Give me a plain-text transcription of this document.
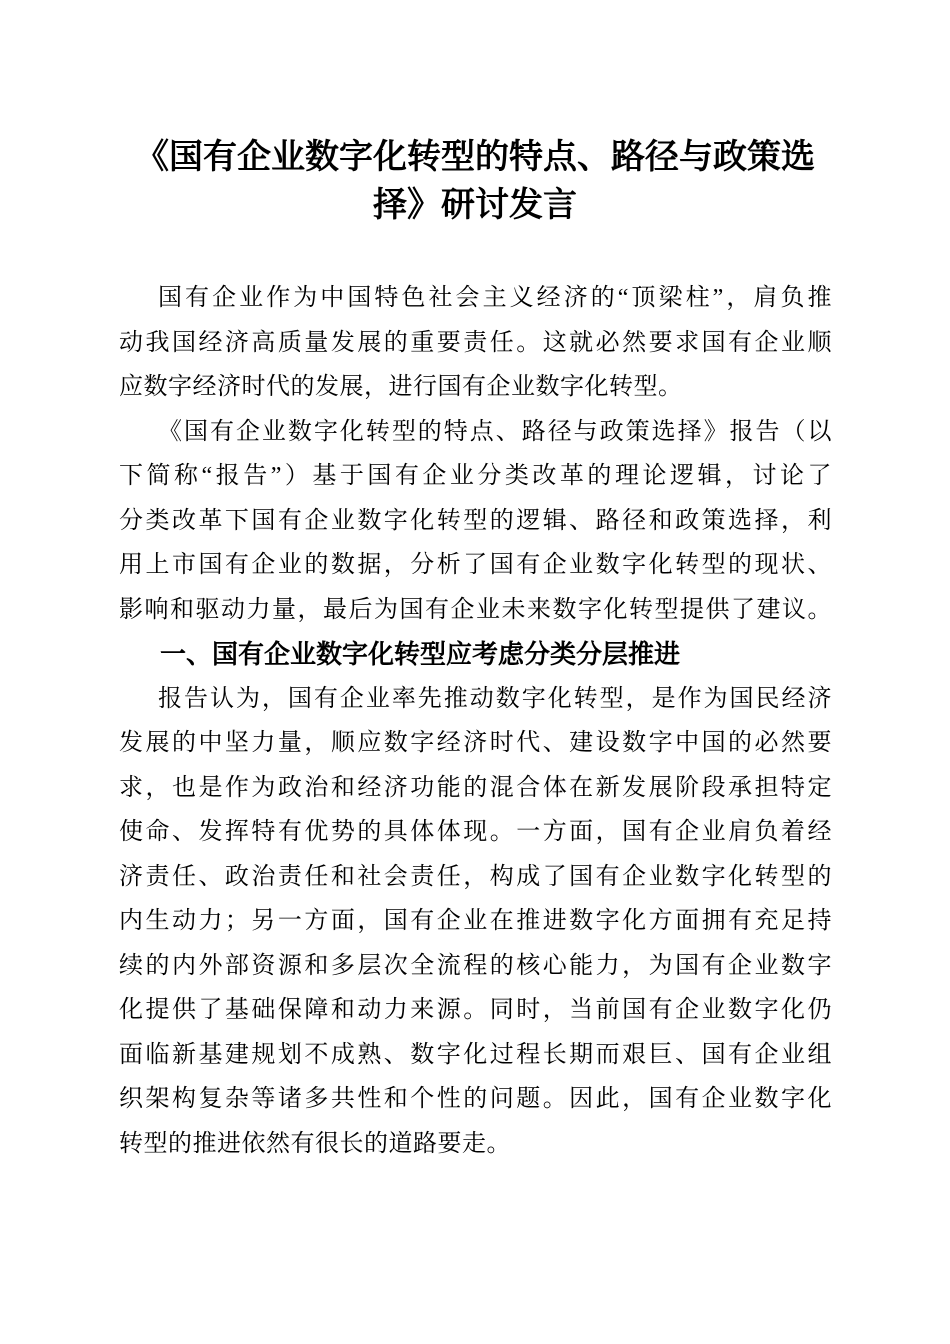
《国有企业数字化转型的特点、路径与政策选
择》研讨发言
国有企业作为中国特色社会主义经济的“顶梁柱”，肩负推
动我国经济高质量发展的重要责任。这就必然要求国有企业顺
应数字经济时代的发展，进行国有企业数字化转型。
《国有企业数字化转型的特点、路径与政策选择》报告（以
下简称“报告”）基于国有企业分类改革的理论逻辑，讨论了
分类改革下国有企业数字化转型的逻辑、路径和政策选择，利
用上市国有企业的数据，分析了国有企业数字化转型的现状、
影响和驱动力量，最后为国有企业未来数字化转型提供了建议。
一、国有企业数字化转型应考虑分类分层推进
报告认为，国有企业率先推动数字化转型，是作为国民经济
发展的中坚力量，顺应数字经济时代、建设数字中国的必然要
求，也是作为政治和经济功能的混合体在新发展阶段承担特定
使命、发挥特有优势的具体体现。一方面，国有企业肩负着经
济责任、政治责任和社会责任，构成了国有企业数字化转型的
内生动力；另一方面，国有企业在推进数字化方面拥有充足持
续的内外部资源和多层次全流程的核心能力，为国有企业数字
化提供了基础保障和动力来源。同时，当前国有企业数字化仍
面临新基建规划不成熟、数字化过程长期而艰巨、国有企业组
织架构复杂等诸多共性和个性的问题。因此，国有企业数字化
转型的推进依然有很长的道路要走。
